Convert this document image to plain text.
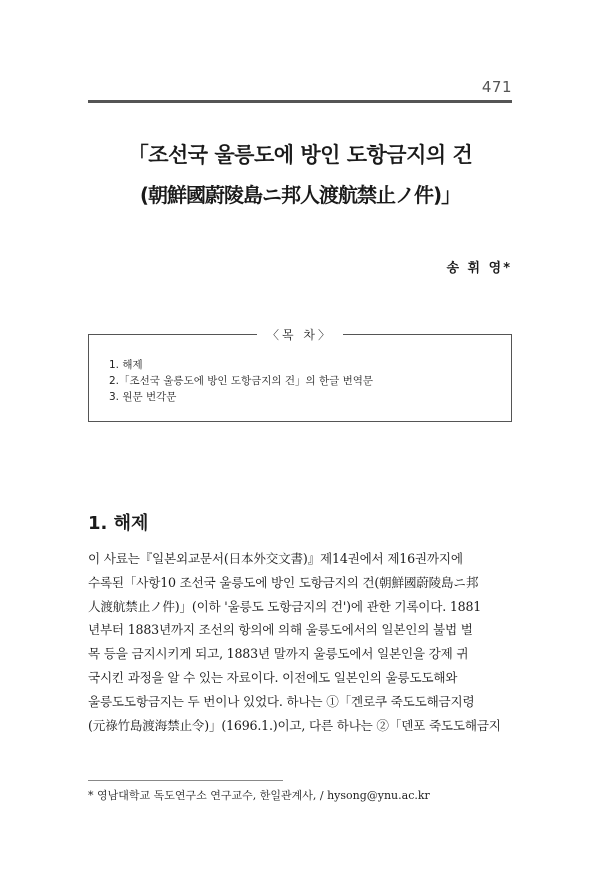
471
「조선국 울릉도에 방인 도항금지의 건
(朝鮮國蔚陵島ニ邦人渡航禁止ノ件)」
송 휘 영*
〈목 차〉
1. 해제
2.「조선국 울릉도에 방인 도항금지의 건」의 한글 번역문
3. 원문 번각문
1. 해제
이 사료는『일본외교문서(日本外交文書)』제14권에서 제16권까지에
수록된「사항10 조선국 울릉도에 방인 도항금지의 건(朝鮮國蔚陵島ニ邦
人渡航禁止ノ件)」(이하 '울릉도 도항금지의 건')에 관한 기록이다. 1881
년부터 1883년까지 조선의 항의에 의해 울릉도에서의 일본인의 불법 벌
목 등을 금지시키게 되고, 1883년 말까지 울릉도에서 일본인을 강제 귀
국시킨 과정을 알 수 있는 자료이다. 이전에도 일본인의 울릉도도해와
울릉도도항금지는 두 번이나 있었다. 하나는 ①「겐로쿠 죽도도해금지령
(元祿竹島渡海禁止令)」(1696.1.)이고, 다른 하나는 ②「덴포 죽도도해금지
* 영남대학교 독도연구소 연구교수, 한일관계사, / hysong@ynu.ac.kr
